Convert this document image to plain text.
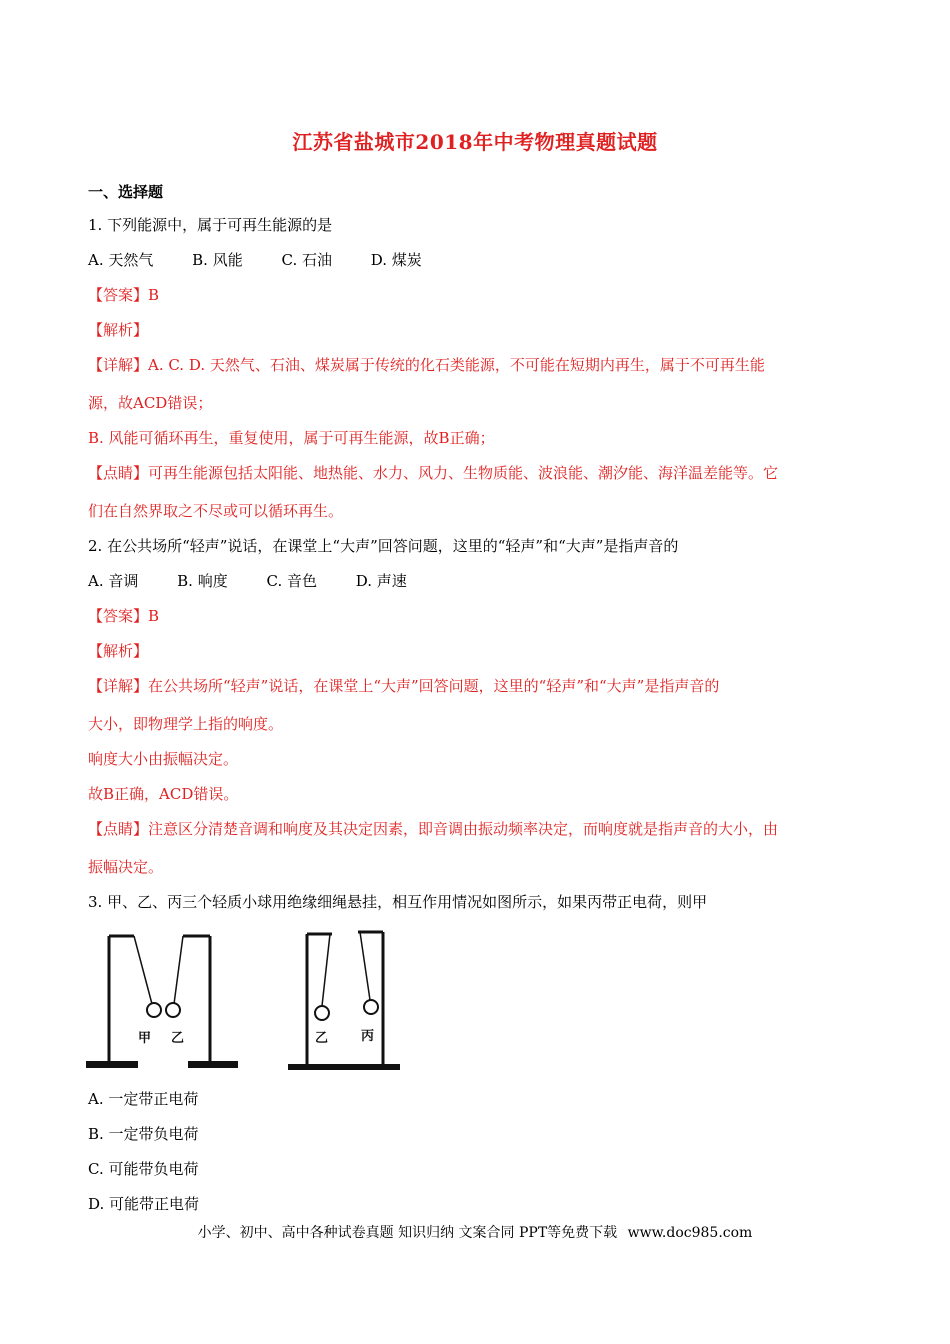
江苏省盐城市2018年中考物理真题试题
一、选择题
1. 下列能源中，属于可再生能源的是
A. 天然气	B. 风能	C. 石油	D. 煤炭
【答案】B
【解析】
【详解】A. C. D. 天然气、石油、煤炭属于传统的化石类能源，不可能在短期内再生，属于不可再生能
源，故ACD错误；
B. 风能可循环再生，重复使用，属于可再生能源，故B正确；
【点睛】可再生能源包括太阳能、地热能、水力、风力、生物质能、波浪能、潮汐能、海洋温差能等。它
们在自然界取之不尽或可以循环再生。
2. 在公共场所“轻声”说话，在课堂上“大声”回答问题，这里的“轻声”和“大声”是指声音的
A. 音调	B. 响度	C. 音色	D. 声速
【答案】B
【解析】
【详解】在公共场所“轻声”说话，在课堂上“大声”回答问题，这里的“轻声”和“大声”是指声音的
大小，即物理学上指的响度。
响度大小由振幅决定。
故B正确，ACD错误。
【点睛】注意区分清楚音调和响度及其决定因素，即音调由振动频率决定，而响度就是指声音的大小，由
振幅决定。
3. 甲、乙、丙三个轻质小球用绝缘细绳悬挂，相互作用情况如图所示，如果丙带正电荷，则甲
甲 乙	乙	丙
A. 一定带正电荷
B. 一定带负电荷
C. 可能带负电荷
D. 可能带正电荷
小学、初中、高中各种试卷真题 知识归纳 文案合同 PPT等免费下载 www.doc985.com
